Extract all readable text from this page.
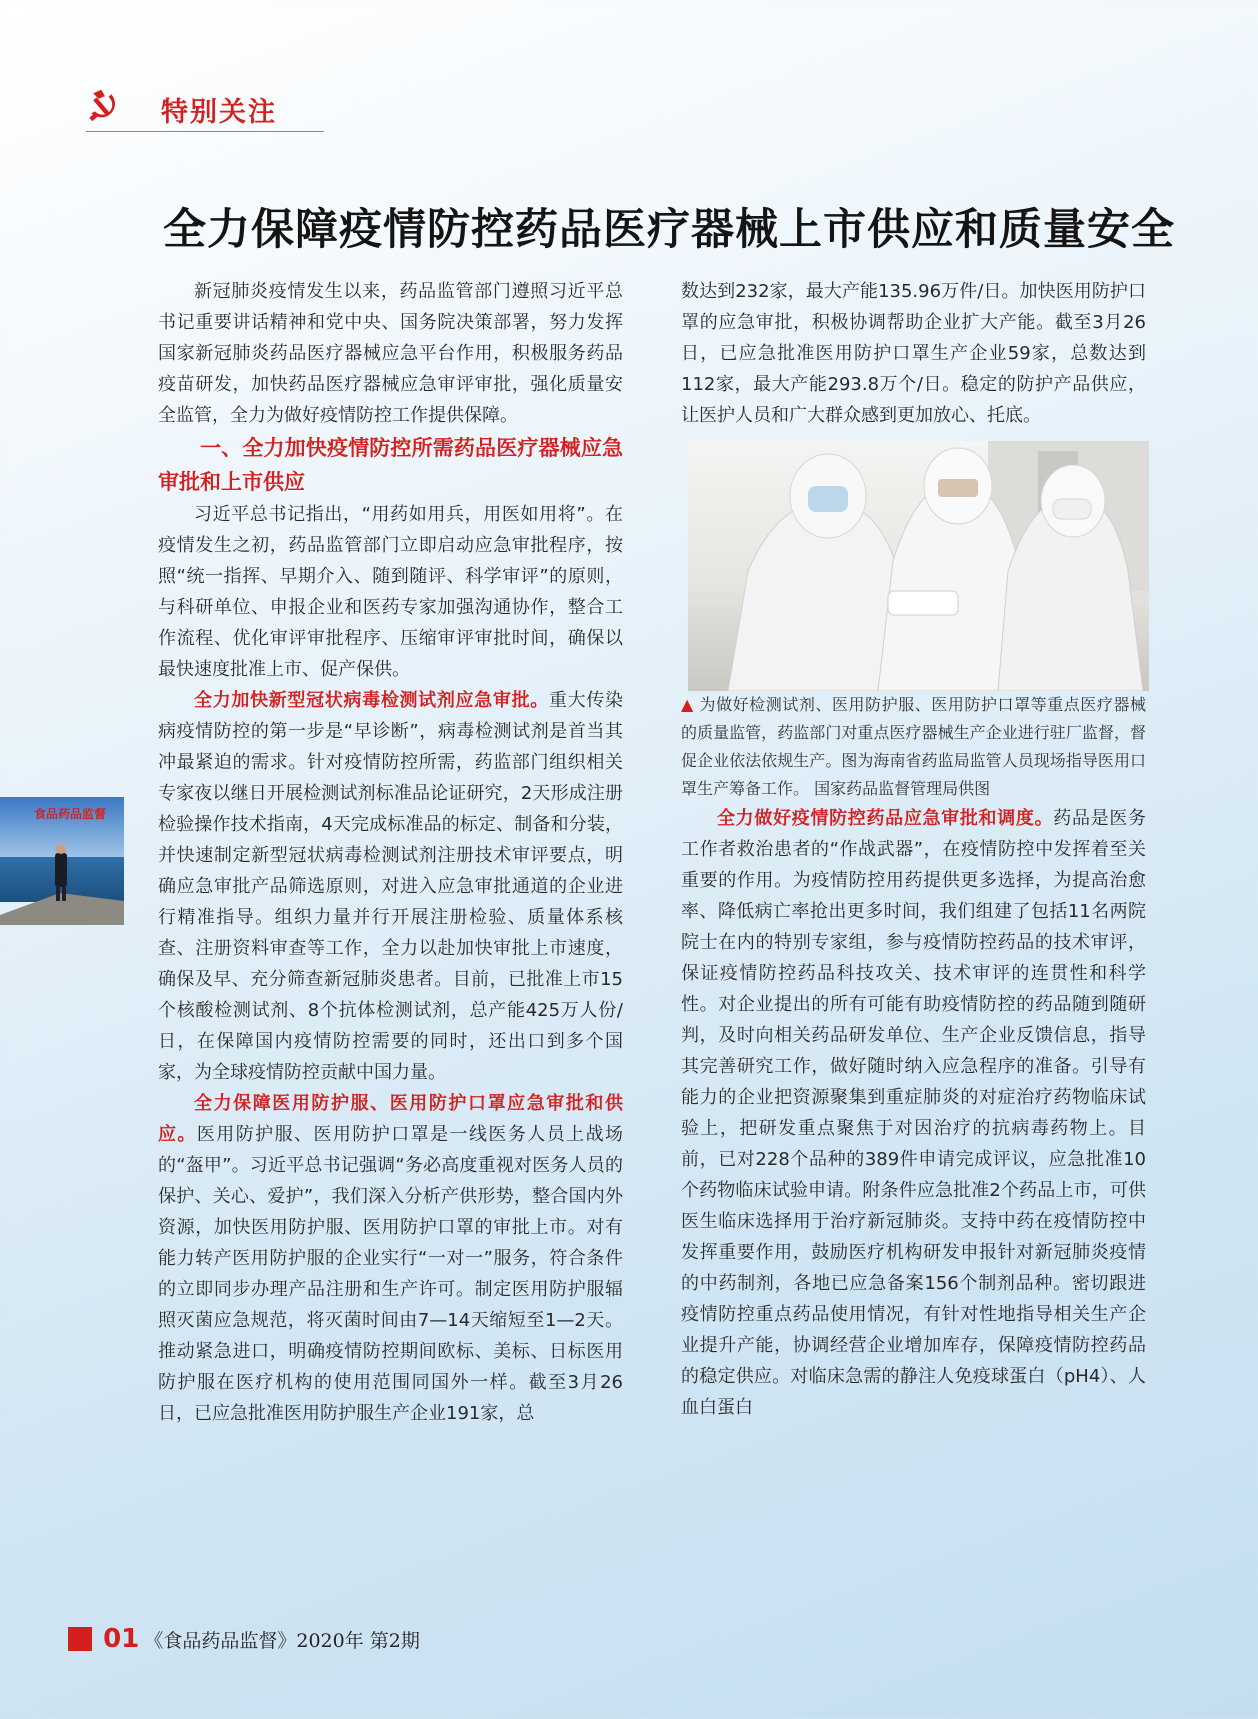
特别关注
全力保障疫情防控药品医疗器械上市供应和质量安全
食品药品监督

新冠肺炎疫情发生以来，药品监管部门遵照习近平总书记重要讲话精神和党中央、国务院决策部署，努力发挥国家新冠肺炎药品医疗器械应急平台作用，积极服务药品疫苗研发，加快药品医疗器械应急审评审批，强化质量安全监管，全力为做好疫情防控工作提供保障。

一、全力加快疫情防控所需药品医疗器械应急审批和上市供应

习近平总书记指出，“用药如用兵，用医如用将”。在疫情发生之初，药品监管部门立即启动应急审批程序，按照“统一指挥、早期介入、随到随评、科学审评”的原则，与科研单位、申报企业和医药专家加强沟通协作，整合工作流程、优化审评审批程序、压缩审评审批时间，确保以最快速度批准上市、促产保供。

全力加快新型冠状病毒检测试剂应急审批。重大传染病疫情防控的第一步是“早诊断”，病毒检测试剂是首当其冲最紧迫的需求。针对疫情防控所需，药监部门组织相关专家夜以继日开展检测试剂标准品论证研究，2天形成注册检验操作技术指南，4天完成标准品的标定、制备和分装，并快速制定新型冠状病毒检测试剂注册技术审评要点，明确应急审批产品筛选原则，对进入应急审批通道的企业进行精准指导。组织力量并行开展注册检验、质量体系核查、注册资料审查等工作，全力以赴加快审批上市速度，确保及早、充分筛查新冠肺炎患者。目前，已批准上市15个核酸检测试剂、8个抗体检测试剂，总产能425万人份/日，在保障国内疫情防控需要的同时，还出口到多个国家，为全球疫情防控贡献中国力量。

全力保障医用防护服、医用防护口罩应急审批和供应。医用防护服、医用防护口罩是一线医务人员上战场的“盔甲”。习近平总书记强调“务必高度重视对医务人员的保护、关心、爱护”，我们深入分析产供形势，整合国内外资源，加快医用防护服、医用防护口罩的审批上市。对有能力转产医用防护服的企业实行“一对一”服务，符合条件的立即同步办理产品注册和生产许可。制定医用防护服辐照灭菌应急规范，将灭菌时间由7—14天缩短至1—2天。推动紧急进口，明确疫情防控期间欧标、美标、日标医用防护服在医疗机构的使用范围同国外一样。截至3月26日，已应急批准医用防护服生产企业191家，总

数达到232家，最大产能135.96万件/日。加快医用防护口罩的应急审批，积极协调帮助企业扩大产能。截至3月26日，已应急批准医用防护口罩生产企业59家，总数达到112家，最大产能293.8万个/日。稳定的防护产品供应，让医护人员和广大群众感到更加放心、托底。

▲ 为做好检测试剂、医用防护服、医用防护口罩等重点医疗器械的质量监管，药监部门对重点医疗器械生产企业进行驻厂监督，督促企业依法依规生产。图为海南省药监局监管人员现场指导医用口罩生产筹备工作。 国家药品监督管理局供图

全力做好疫情防控药品应急审批和调度。药品是医务工作者救治患者的“作战武器”，在疫情防控中发挥着至关重要的作用。为疫情防控用药提供更多选择，为提高治愈率、降低病亡率抢出更多时间，我们组建了包括11名两院院士在内的特别专家组，参与疫情防控药品的技术审评，保证疫情防控药品科技攻关、技术审评的连贯性和科学性。对企业提出的所有可能有助疫情防控的药品随到随研判，及时向相关药品研发单位、生产企业反馈信息，指导其完善研究工作，做好随时纳入应急程序的准备。引导有能力的企业把资源聚集到重症肺炎的对症治疗药物临床试验上，把研发重点聚焦于对因治疗的抗病毒药物上。目前，已对228个品种的389件申请完成评议，应急批准10个药物临床试验申请。附条件应急批准2个药品上市，可供医生临床选择用于治疗新冠肺炎。支持中药在疫情防控中发挥重要作用，鼓励医疗机构研发申报针对新冠肺炎疫情的中药制剂，各地已应急备案156个制剂品种。密切跟进疫情防控重点药品使用情况，有针对性地指导相关生产企业提升产能，协调经营企业增加库存，保障疫情防控药品的稳定供应。对临床急需的静注人免疫球蛋白（pH4）、人血白蛋白

01 《食品药品监督》2020年 第2期
